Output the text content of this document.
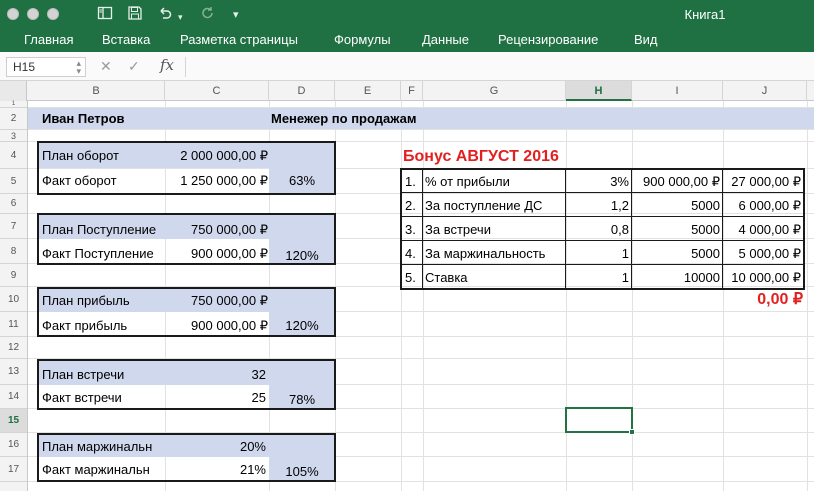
▾	▾	Книга1
Главная Вставка Разметка страницы	Формулы Данные Рецензирование	Вид
H15	▴
▾ ✕ ✓ fx
B	C	D	E	F	G	H	I	J
1
2
3
4
5
6
7
8
9
10
11
12
13
14
15
16
17
Иван Петров	Менежер по продажам
План оборот	2 000 000,00 ₽
Факт оборот	1 250 000,00 ₽	63%
План Поступление	750 000,00 ₽
Факт Поступление	900 000,00 ₽	120%
План прибыль	750 000,00 ₽
Факт прибыль	900 000,00 ₽	120%
План встречи	32
Факт встречи	25	78%
План маржинальн	20%
Факт маржинальн	21%	105%
Бонус АВГУСТ 2016
1. % от прибыли	3%	900 000,00 ₽ 27 000,00 ₽
2. За поступление ДС	1,2	5000	6 000,00 ₽
3. За встречи	0,8	5000	4 000,00 ₽
4. За маржинальность	1	5000	5 000,00 ₽
5. Ставка	1	10000 10 000,00 ₽
0,00 ₽
